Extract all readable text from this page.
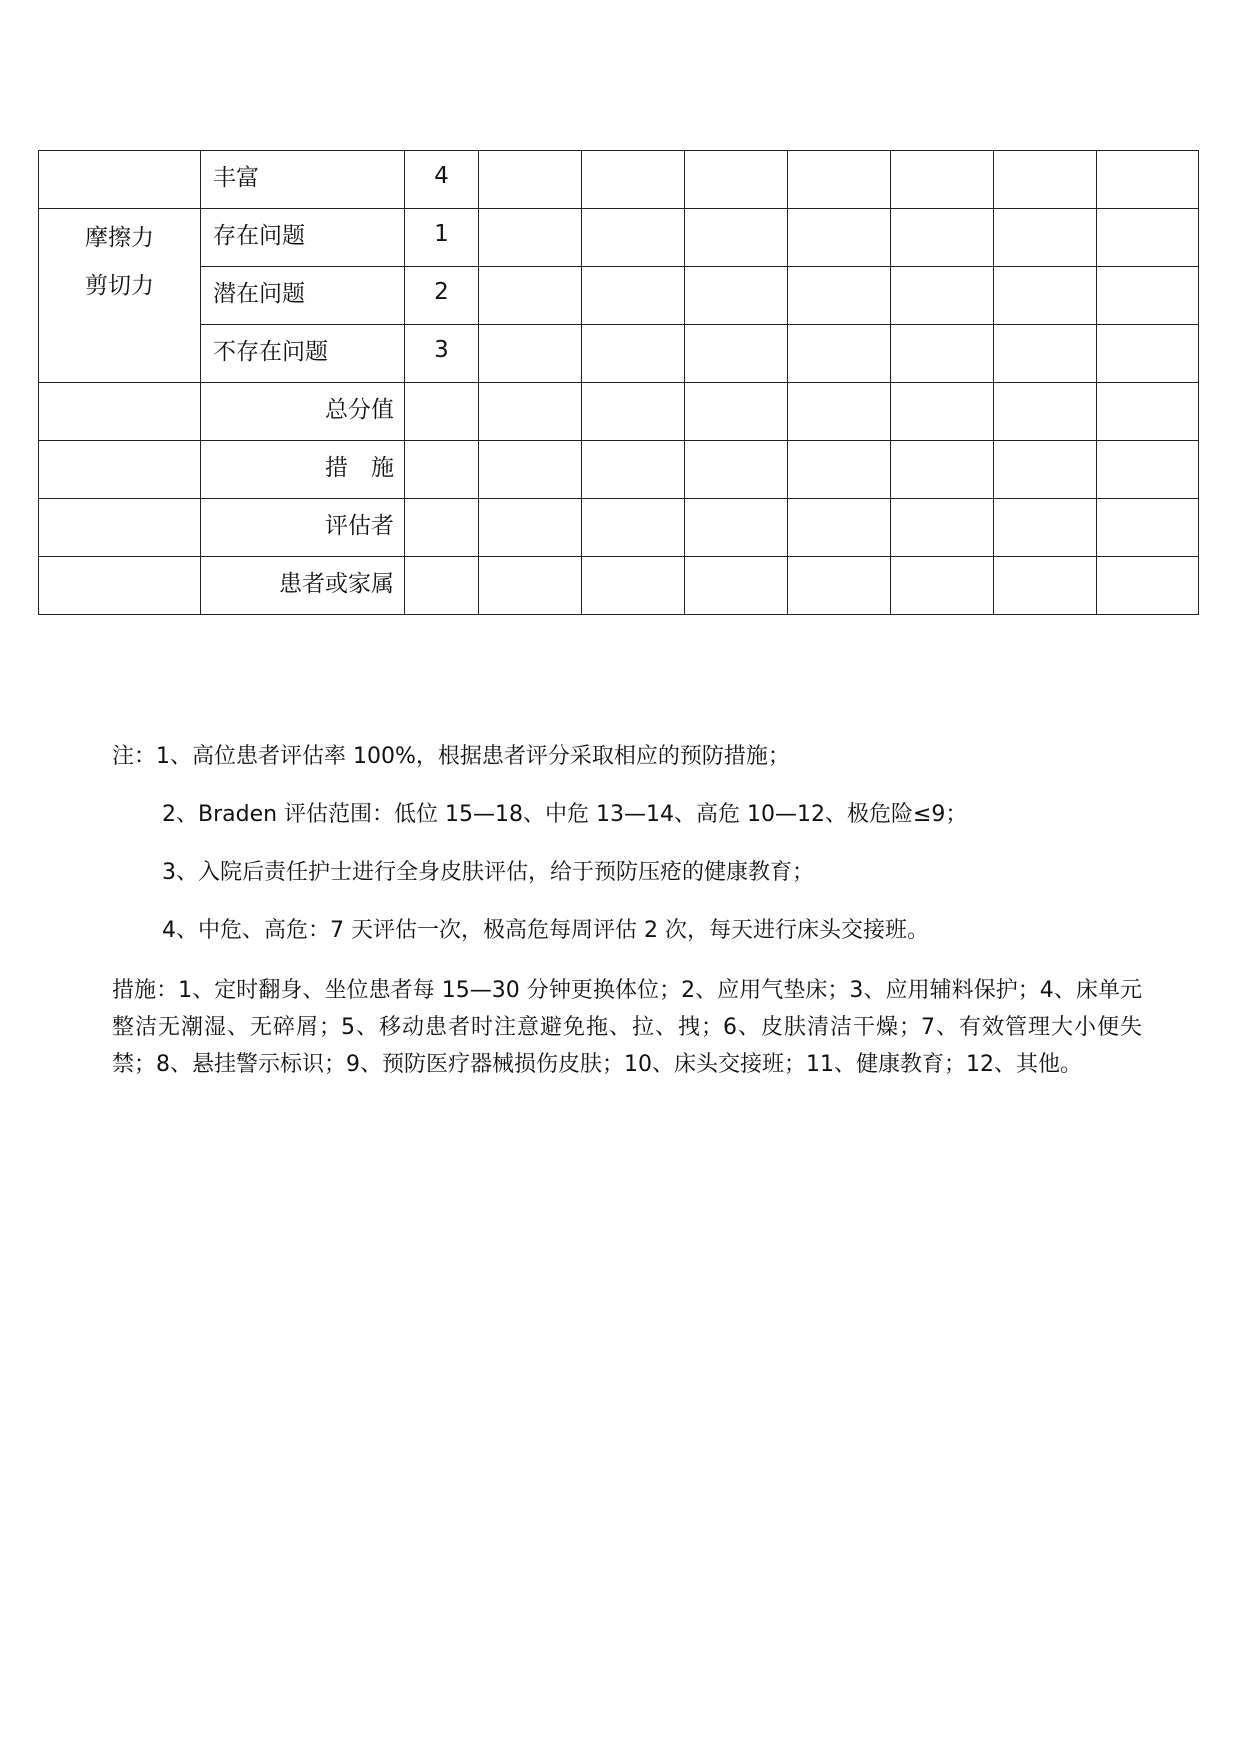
	丰富	4							

摩擦力
剪切力	存在问题	1							
	潜在问题	2							
	不存在问题	3							
	总分值								
	措　施								
	评估者								
	患者或家属								

注：1、高位患者评估率 100%，根据患者评分采取相应的预防措施；

2、Braden 评估范围：低位 15—18、中危 13—14、高危 10—12、极危险≤9；

3、入院后责任护士进行全身皮肤评估，给于预防压疮的健康教育；

4、中危、高危：7 天评估一次，极高危每周评估 2 次，每天进行床头交接班。

措施：1、定时翻身、坐位患者每 15—30 分钟更换体位；2、应用气垫床；3、应用辅料保护；4、床单元整洁无潮湿、无碎屑；5、移动患者时注意避免拖、拉、拽；6、皮肤清洁干燥；7、有效管理大小便失禁；8、悬挂警示标识；9、预防医疗器械损伤皮肤；10、床头交接班；11、健康教育；12、其他。
